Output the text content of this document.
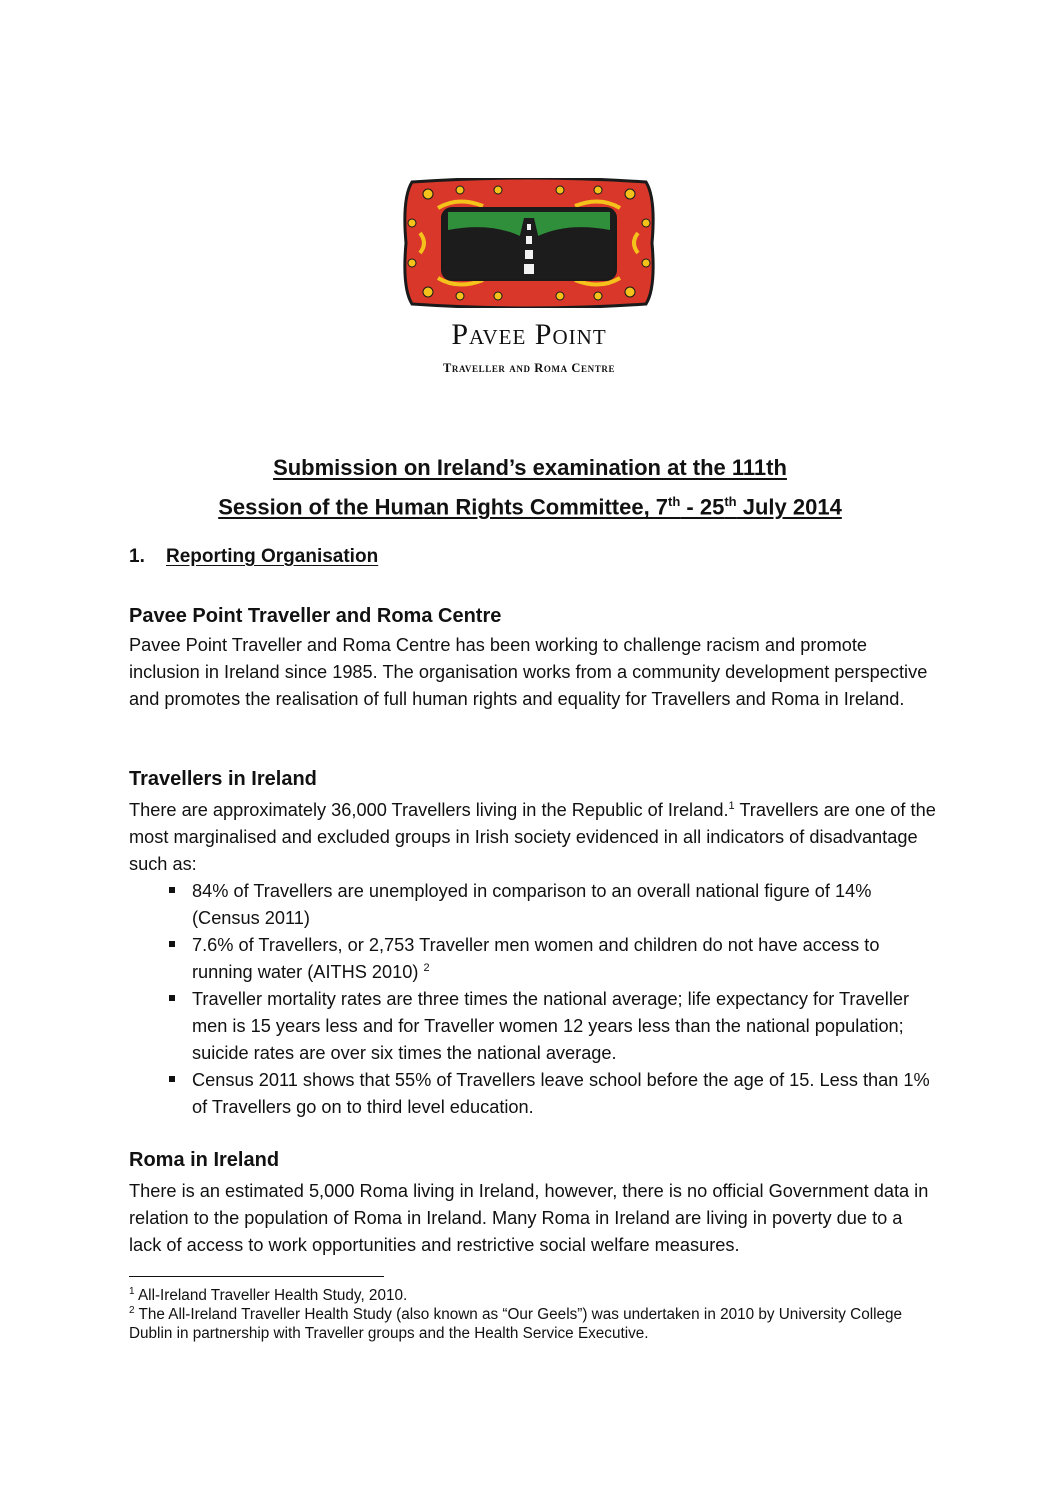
Pavee Point
Traveller and Roma Centre
Submission on Ireland’s examination at the 111th
Session of the Human Rights Committee, 7th - 25th July 2014
1. Reporting Organisation
Pavee Point Traveller and Roma Centre
Pavee Point Traveller and Roma Centre has been working to challenge racism and promote inclusion in Ireland since 1985. The organisation works from a community development perspective and promotes the realisation of full human rights and equality for Travellers and Roma in Ireland.
Travellers in Ireland
There are approximately 36,000 Travellers living in the Republic of Ireland.$^1$ Travellers are one of the most marginalised and excluded groups in Irish society evidenced in all indicators of disadvantage such as:
84% of Travellers are unemployed in comparison to an overall national figure of 14% (Census 2011)
7.6% of Travellers, or 2,753 Traveller men women and children do not have access to running water (AITHS 2010) $^2$
Traveller mortality rates are three times the national average; life expectancy for Traveller men is 15 years less and for Traveller women 12 years less than the national population; suicide rates are over six times the national average.
Census 2011 shows that 55% of Travellers leave school before the age of 15. Less than 1% of Travellers go on to third level education.
Roma in Ireland
There is an estimated 5,000 Roma living in Ireland, however, there is no official Government data in relation to the population of Roma in Ireland. Many Roma in Ireland are living in poverty due to a lack of access to work opportunities and restrictive social welfare measures.
$^1$ All-Ireland Traveller Health Study, 2010.
$^2$ The All-Ireland Traveller Health Study (also known as “Our Geels”) was undertaken in 2010 by University College Dublin in partnership with Traveller groups and the Health Service Executive.
